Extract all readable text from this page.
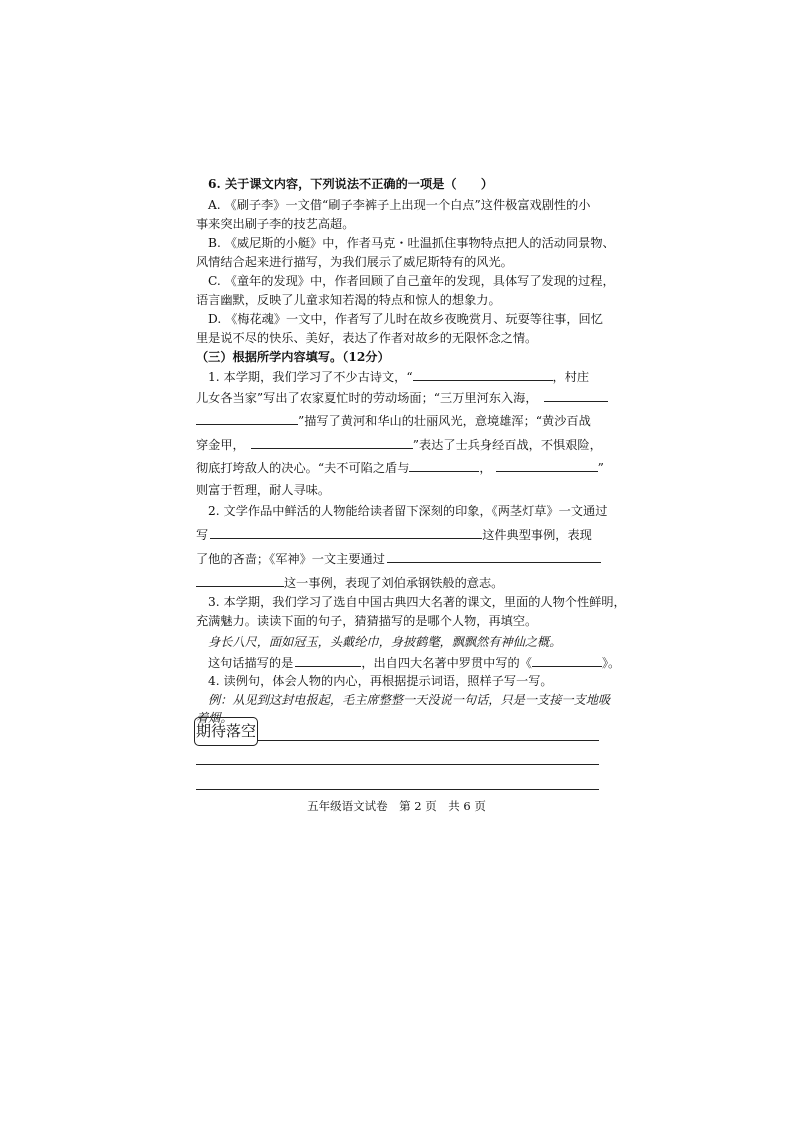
6. 关于课文内容，下列说法不正确的一项是（　　）
A. 《刷子李》一文借“刷子李裤子上出现一个白点”这件极富戏剧性的小
事来突出刷子李的技艺高超。
B. 《威尼斯的小艇》中，作者马克・吐温抓住事物特点把人的活动同景物、
风情结合起来进行描写，为我们展示了威尼斯特有的风光。
C. 《童年的发现》中，作者回顾了自己童年的发现，具体写了发现的过程，
语言幽默，反映了儿童求知若渴的特点和惊人的想象力。
D. 《梅花魂》一文中，作者写了儿时在故乡夜晚赏月、玩耍等往事，回忆
里是说不尽的快乐、美好，表达了作者对故乡的无限怀念之情。
（三）根据所学内容填写。（12分）
1. 本学期，我们学习了不少古诗文，“	，村庄
儿女各当家”写出了农家夏忙时的劳动场面；“三万里河东入海，
”描写了黄河和华山的壮丽风光，意境雄浑；“黄沙百战
穿金甲，	”表达了士兵身经百战，不惧艰险，
彻底打垮敌人的决心。“夫不可陷之盾与	，	”
则富于哲理，耐人寻味。
2. 文学作品中鲜活的人物能给读者留下深刻的印象，《两茎灯草》一文通过
写	这件典型事例，表现
了他的吝啬；《军神》一文主要通过
这一事例，表现了刘伯承钢铁般的意志。
3. 本学期，我们学习了选自中国古典四大名著的课文，里面的人物个性鲜明，
充满魅力。读读下面的句子，猜猜描写的是哪个人物，再填空。
身长八尺，面如冠玉，头戴纶巾，身披鹤氅，飘飘然有神仙之概。
这句话描写的是	，出自四大名著中罗贯中写的《	》。
4. 读例句，体会人物的内心，再根据提示词语，照样子写一写。
例：从见到这封电报起，毛主席整整一天没说一句话，只是一支接一支地吸
着烟。
期待落空
五年级语文试卷　第 2 页　共 6 页
